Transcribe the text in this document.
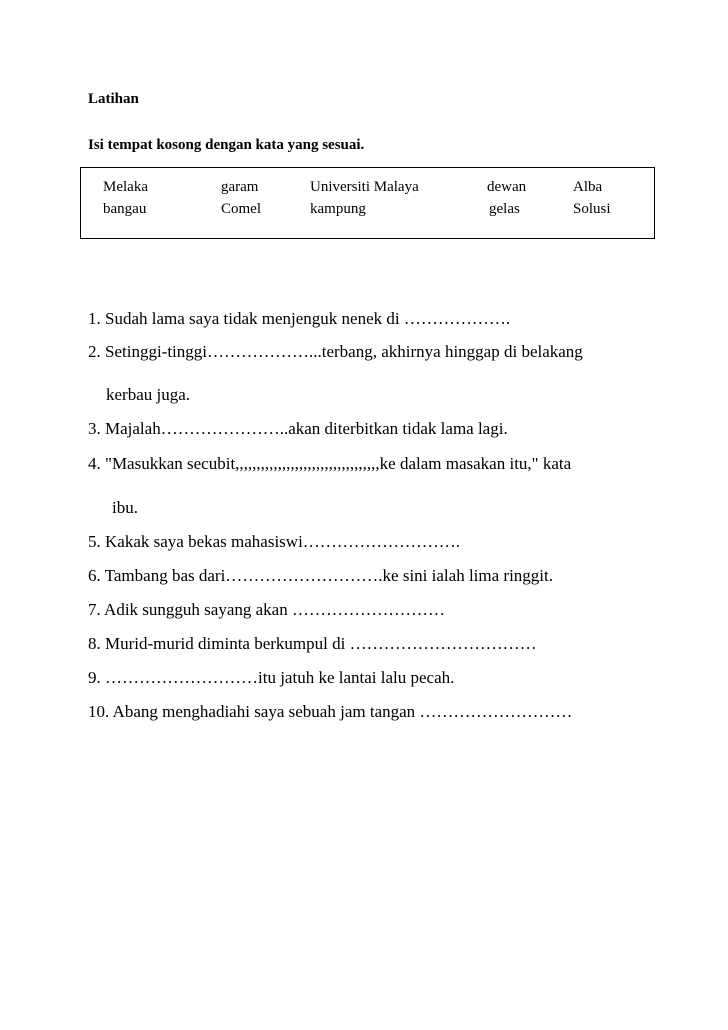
Latihan
Isi tempat kosong dengan kata yang sesuai.
Melaka	garam	Universiti Malaya	dewan	Alba
bangau	Comel	kampung	gelas	Solusi
1. Sudah lama saya tidak menjenguk nenek di ……………….
2. Setinggi-tinggi………………...terbang, akhirnya hinggap di belakang
kerbau juga.
3. Majalah…………………..akan diterbitkan tidak lama lagi.
4. "Masukkan secubit,,,,,,,,,,,,,,,,,,,,,,,,,,,,,,,,,,ke dalam masakan itu," kata
ibu.
5. Kakak saya bekas mahasiswi……………………….
6. Tambang bas dari……………………….ke sini ialah lima ringgit.
7. Adik sungguh sayang akan ………………………
8. Murid-murid diminta berkumpul di ……………………………
9. ………………………itu jatuh ke lantai lalu pecah.
10. Abang menghadiahi saya sebuah jam tangan ………………………
